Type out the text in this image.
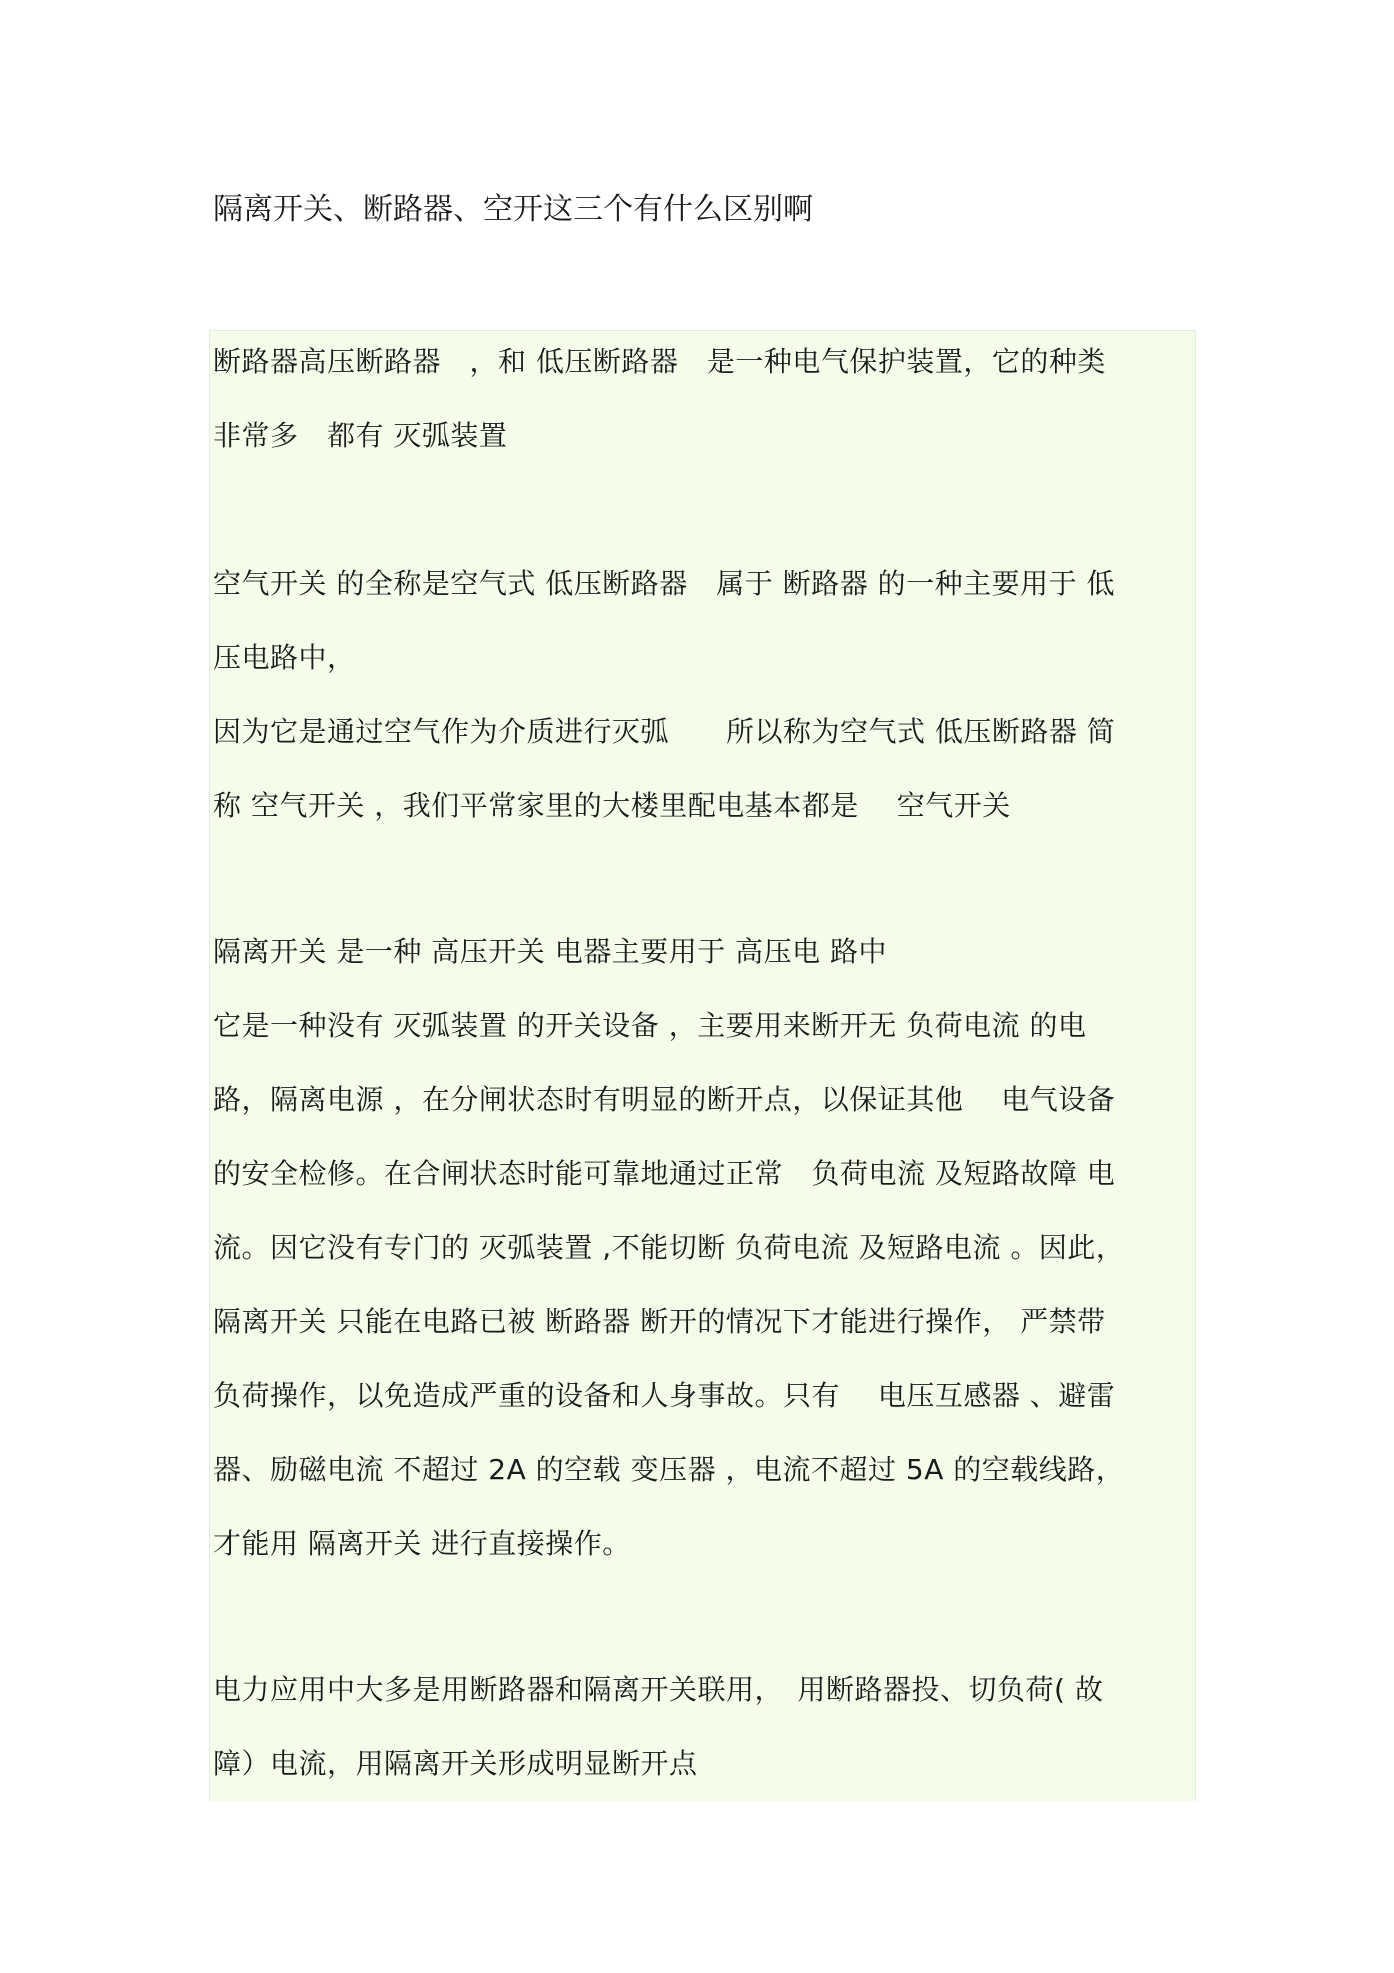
隔离开关、断路器、空开这三个有什么区别啊
断路器高压断路器　，和 低压断路器　是一种电气保护装置，它的种类
非常多　都有 灭弧装置
空气开关 的全称是空气式 低压断路器　属于 断路器 的一种主要用于 低
压电路中，
因为它是通过空气作为介质进行灭弧　　所以称为空气式 低压断路器 简
称 空气开关 ，我们平常家里的大楼里配电基本都是　 空气开关
隔离开关 是一种 高压开关 电器主要用于 高压电 路中
它是一种没有 灭弧装置 的开关设备 ，主要用来断开无 负荷电流 的电
路，隔离电源 ，在分闸状态时有明显的断开点，以保证其他　 电气设备
的安全检修。在合闸状态时能可靠地通过正常　负荷电流 及短路故障 电
流。因它没有专门的 灭弧装置 ,不能切断 负荷电流 及短路电流 。因此，
隔离开关 只能在电路已被 断路器 断开的情况下才能进行操作， 严禁带
负荷操作，以免造成严重的设备和人身事故。只有　 电压互感器 、避雷
器、励磁电流 不超过 2A 的空载 变压器 ，电流不超过 5A 的空载线路，
才能用 隔离开关 进行直接操作。
电力应用中大多是用断路器和隔离开关联用，　用断路器投、切负荷( 故
障）电流，用隔离开关形成明显断开点
